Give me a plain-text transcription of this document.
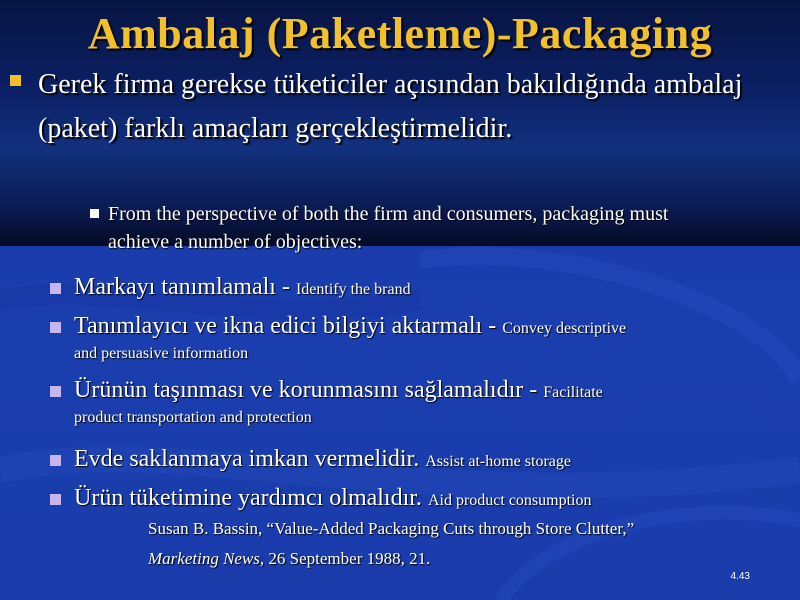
Ambalaj (Paketleme)-Packaging
Gerek firma gerekse tüketiciler açısından bakıldığında ambalaj (paket) farklı amaçları gerçekleştirmelidir.
From the perspective of both the firm and consumers, packaging must achieve a number of objectives:
Markayı tanımlamalı - Identify the brand
Tanımlayıcı ve ikna edici bilgiyi aktarmalı - Convey descriptive
and persuasive information
Ürünün taşınması ve korunmasını sağlamalıdır - Facilitate
product transportation and protection
Evde saklanmaya imkan vermelidir. Assist at-home storage
Ürün tüketimine yardımcı olmalıdır. Aid product consumption
Susan B. Bassin, “Value-Added Packaging Cuts through Store Clutter,”
Marketing News, 26 September 1988, 21.
4.43
